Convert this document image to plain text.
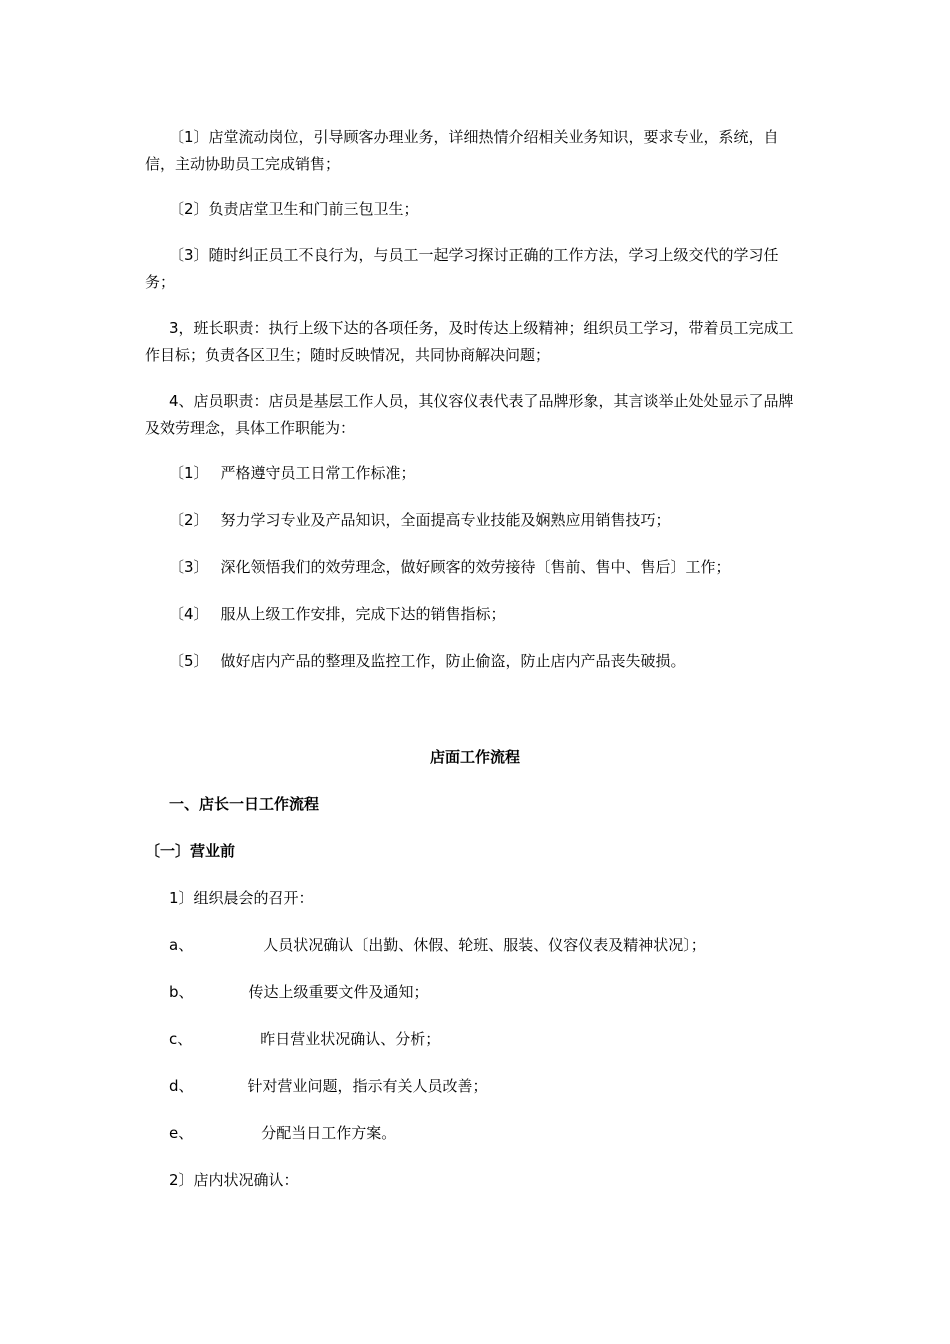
〔1〕店堂流动岗位，引导顾客办理业务，详细热情介绍相关业务知识，要求专业，系统，自信，主动协助员工完成销售；
〔2〕负责店堂卫生和门前三包卫生；
〔3〕随时纠正员工不良行为，与员工一起学习探讨正确的工作方法，学习上级交代的学习任务；
3，班长职责：执行上级下达的各项任务，及时传达上级精神；组织员工学习，带着员工完成工作目标；负责各区卫生；随时反映情况，共同协商解决问题；
4、店员职责：店员是基层工作人员，其仪容仪表代表了品牌形象，其言谈举止处处显示了品牌及效劳理念，具体工作职能为：
〔1〕 严格遵守员工日常工作标准；
〔2〕 努力学习专业及产品知识，全面提高专业技能及娴熟应用销售技巧；
〔3〕 深化领悟我们的效劳理念，做好顾客的效劳接待〔售前、售中、售后〕工作；
〔4〕 服从上级工作安排，完成下达的销售指标；
〔5〕 做好店内产品的整理及监控工作，防止偷盗，防止店内产品丧失破损。
店面工作流程
一、店长一日工作流程
〔一〕营业前
1〕组织晨会的召开：
a、	人员状况确认〔出勤、休假、轮班、服装、仪容仪表及精神状况〕；
b、	传达上级重要文件及通知；
c、	昨日营业状况确认、分析；
d、	针对营业问题，指示有关人员改善；
e、	分配当日工作方案。
2〕店内状况确认：
